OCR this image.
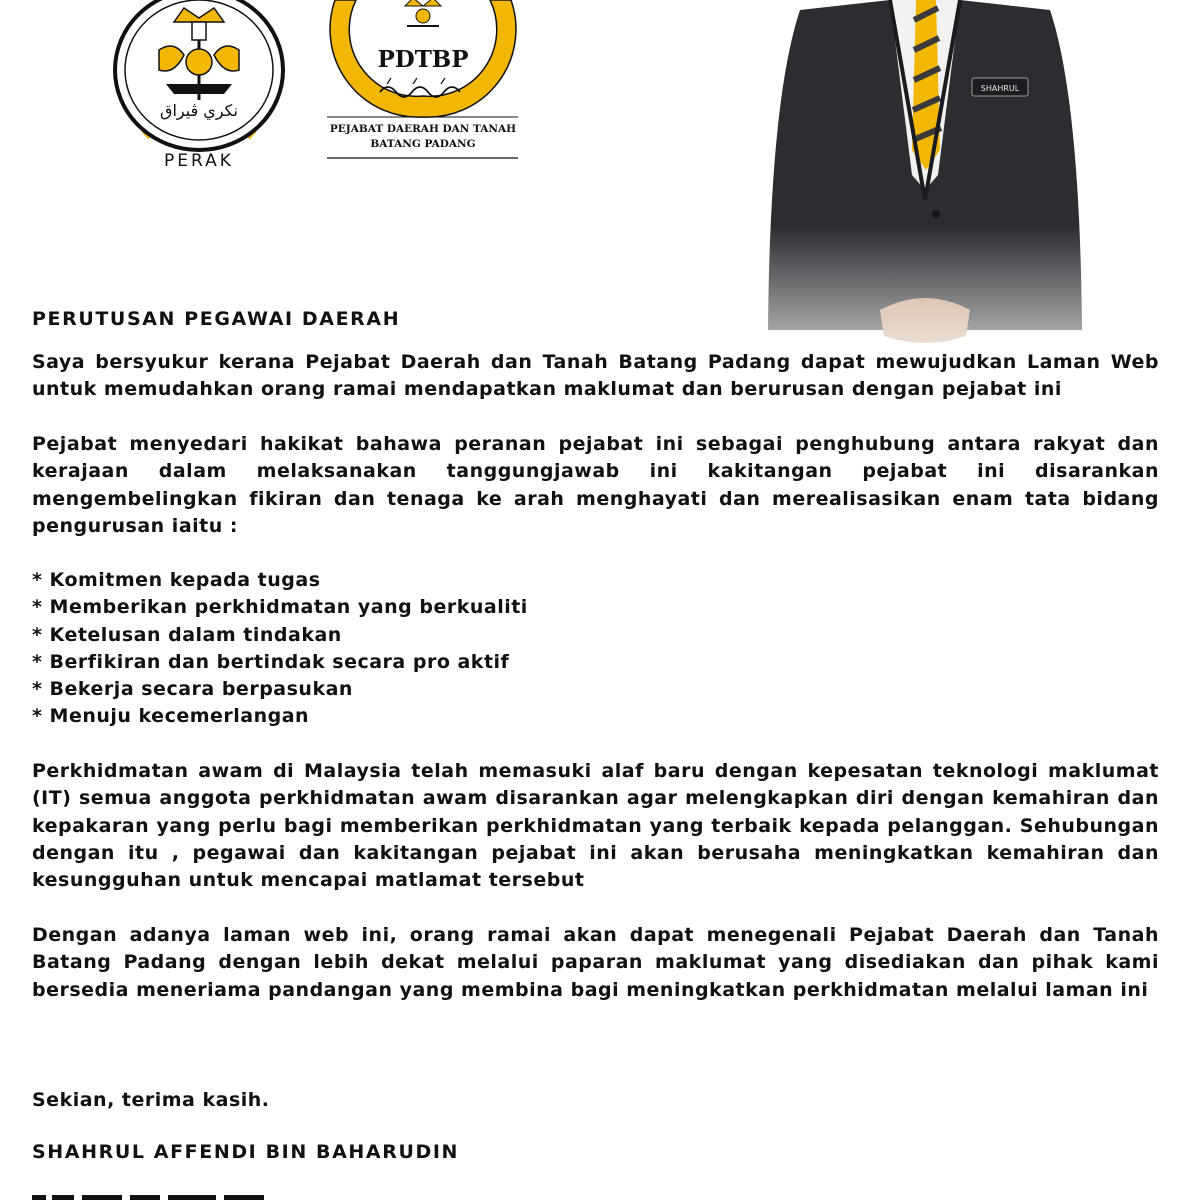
نكري ڤيراق
PERAK
PDTBP
PEJABAT DAERAH DAN TANAH
BATANG PADANG
PERUTUSAN PEGAWAI DAERAH

Saya bersyukur kerana Pejabat Daerah dan Tanah Batang Padang dapat mewujudkan Laman Web untuk memudahkan orang ramai mendapatkan maklumat dan berurusan dengan pejabat ini

Pejabat menyedari hakikat bahawa peranan pejabat ini sebagai penghubung antara rakyat dan kerajaan dalam melaksanakan tanggungjawab ini kakitangan pejabat ini disarankan mengembelingkan fikiran dan tenaga ke arah menghayati dan merealisasikan enam tata bidang pengurusan iaitu :

* Komitmen kepada tugas
* Memberikan perkhidmatan yang berkualiti
* Ketelusan dalam tindakan
* Berfikiran dan bertindak secara pro aktif
* Bekerja secara berpasukan
* Menuju kecemerlangan

Perkhidmatan awam di Malaysia telah memasuki alaf baru dengan kepesatan teknologi maklumat (IT) semua anggota perkhidmatan awam disarankan agar melengkapkan diri dengan kemahiran dan kepakaran yang perlu bagi memberikan perkhidmatan yang terbaik kepada pelanggan. Sehubungan dengan itu , pegawai dan kakitangan pejabat ini akan berusaha meningkatkan kemahiran dan kesungguhan untuk mencapai matlamat tersebut

Dengan adanya laman web ini, orang ramai akan dapat menegenali Pejabat Daerah dan Tanah Batang Padang dengan lebih dekat melalui paparan maklumat yang disediakan dan pihak kami bersedia meneriama pandangan yang membina bagi meningkatkan perkhidmatan melalui laman ini

Sekian, terima kasih.

SHAHRUL AFFENDI BIN BAHARUDIN
